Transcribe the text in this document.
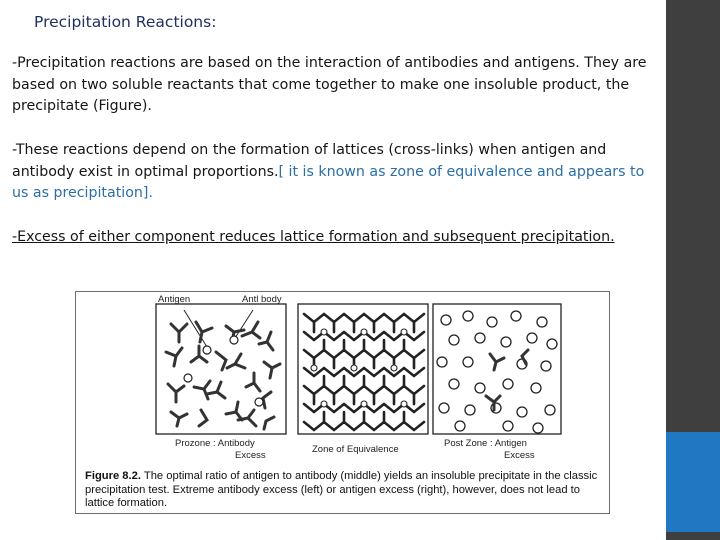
Precipitation Reactions:

-Precipitation reactions are based on the interaction of antibodies and antigens. They are based on two soluble reactants that come together to make one insoluble product, the precipitate (Figure).

-These reactions depend on the formation of lattices (cross-links) when antigen and antibody exist in optimal proportions.[ it is known as zone of equivalence and appears to us as precipitation].

-Excess of either component reduces lattice formation and subsequent precipitation.

Antigen	Antl body
Prozone : Antibody
Excess
Zone of Equivalence
Post Zone : Antigen
Excess

Figure 8.2. The optimal ratio of antigen to antibody (middle) yields an insoluble precipitate in the classic precipitation test. Extreme antibody excess (left) or antigen excess (right), however, does not lead to lattice formation.
